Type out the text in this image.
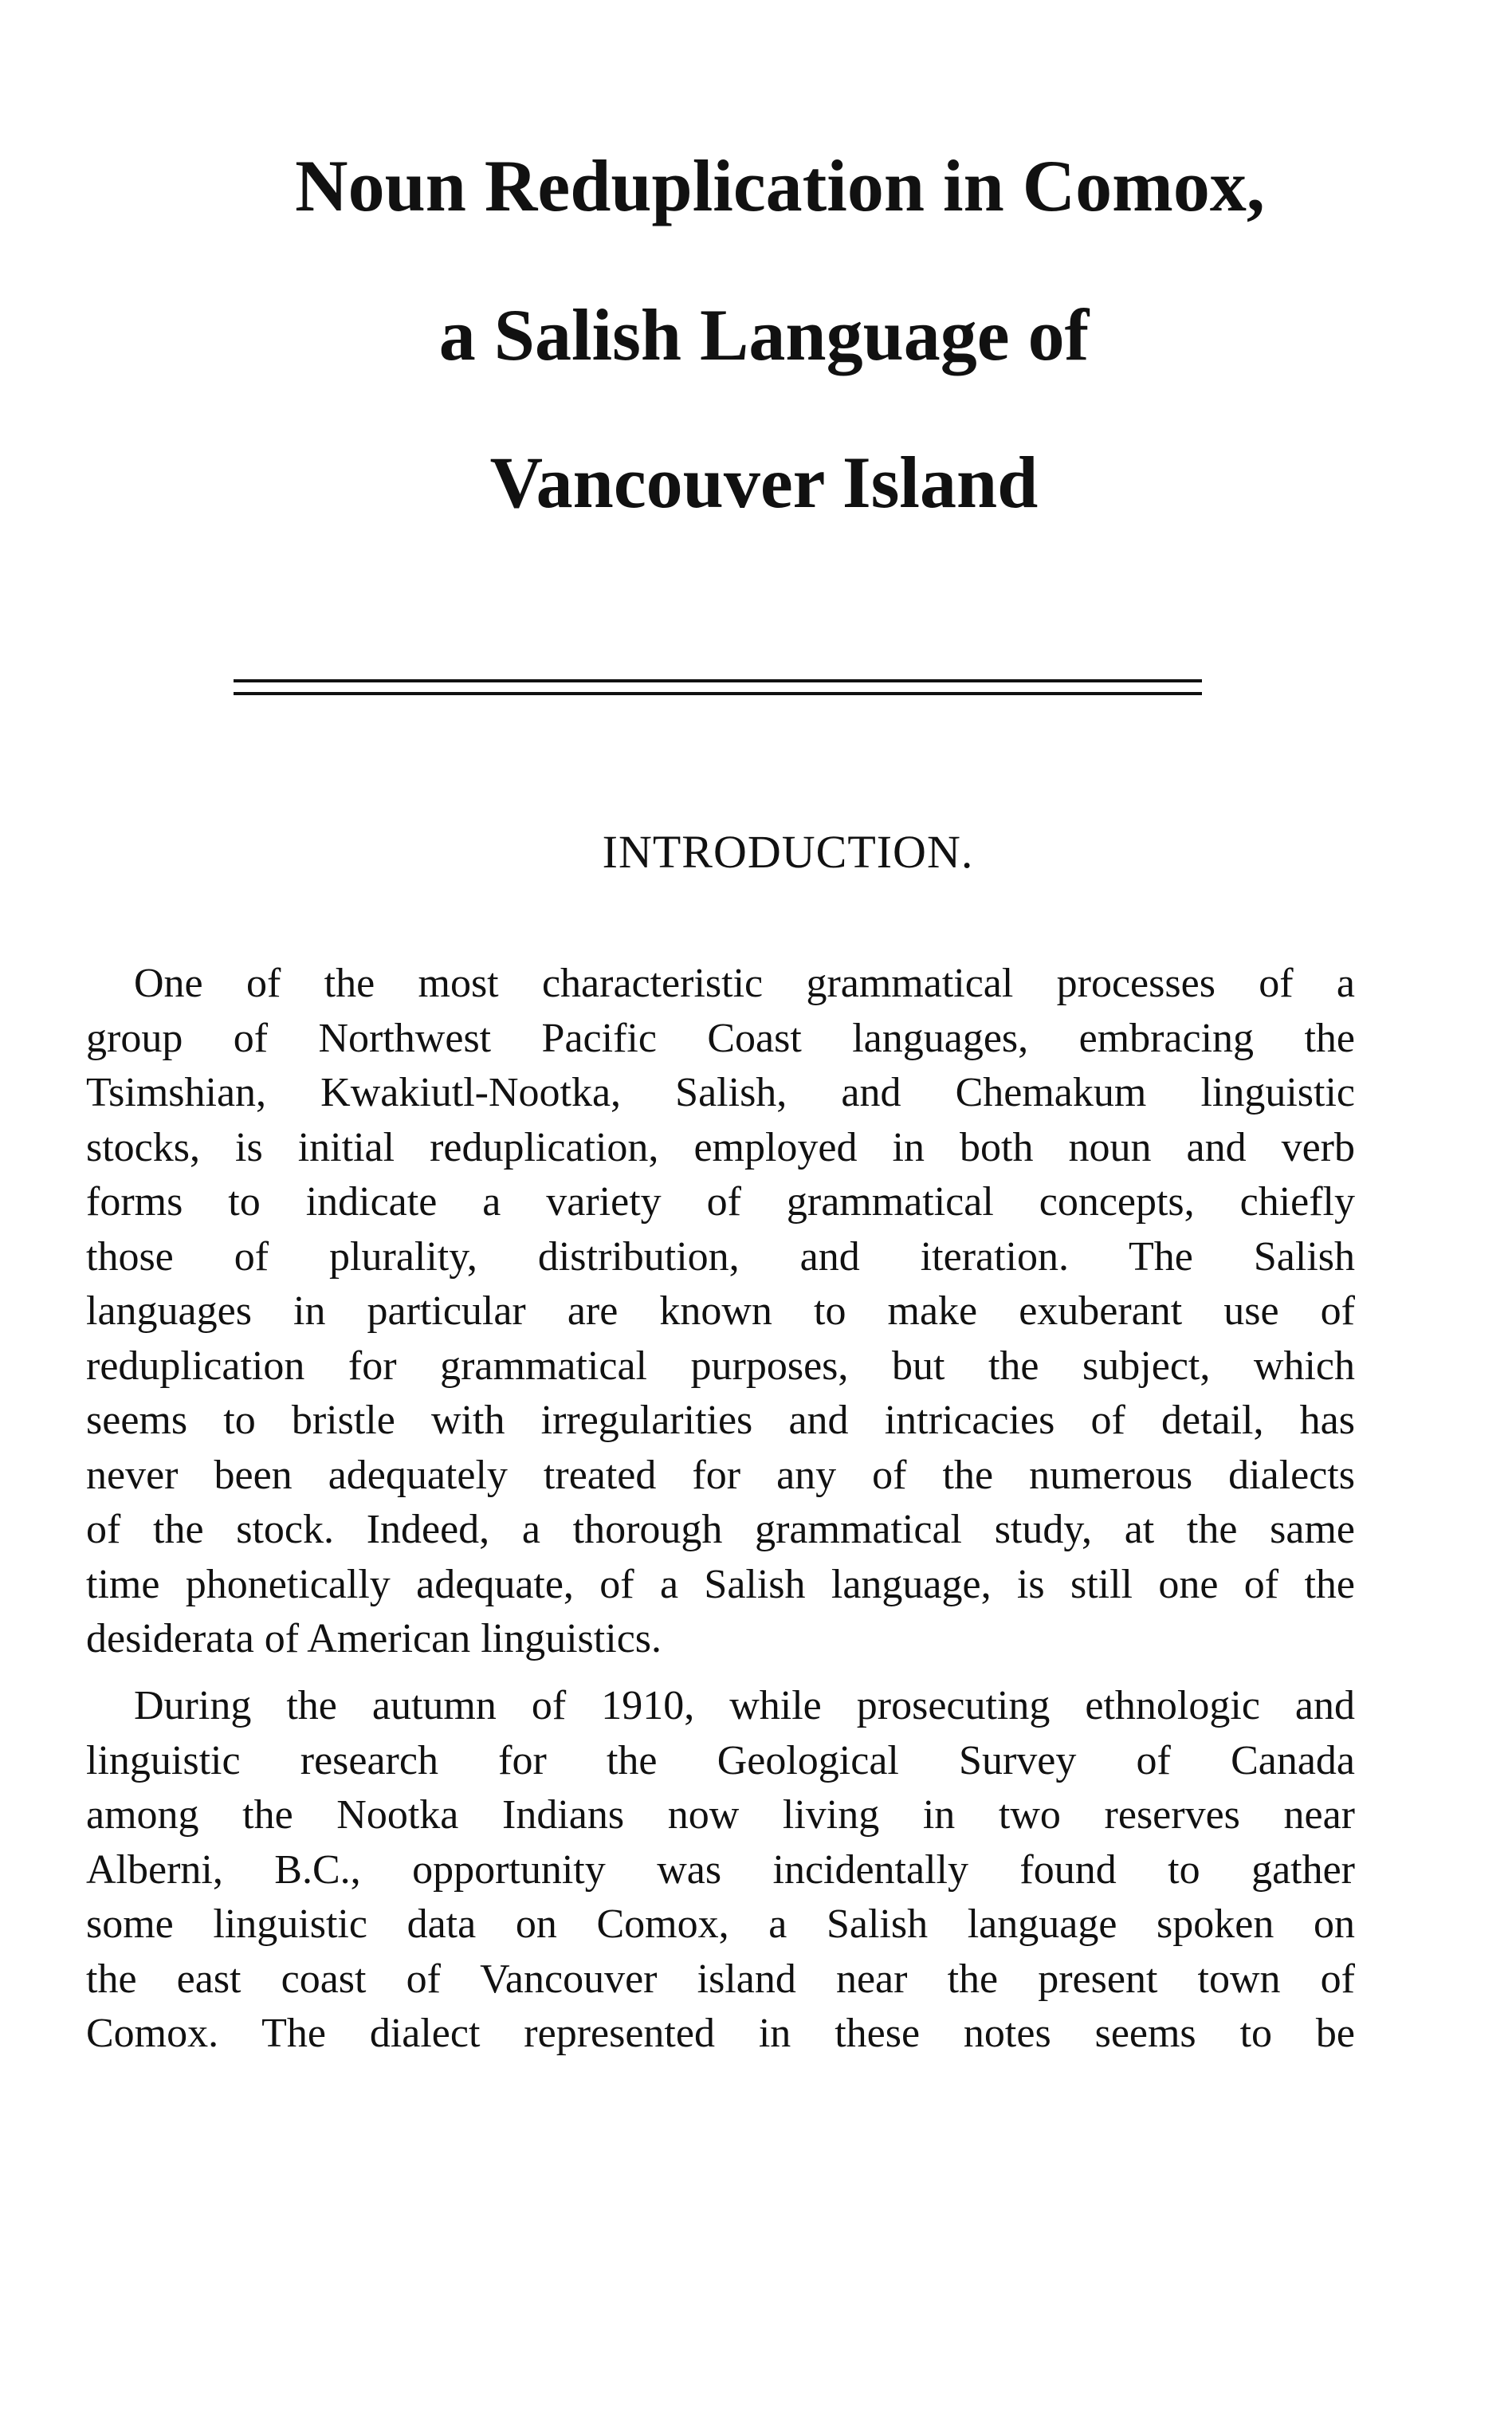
Noun Reduplication in Comox,
a Salish Language of
Vancouver Island
INTRODUCTION.
One of the most characteristic grammatical processes of a
group of Northwest Pacific Coast languages, embracing the
Tsimshian, Kwakiutl-Nootka, Salish, and Chemakum linguistic
stocks, is initial reduplication, employed in both noun and verb
forms to indicate a variety of grammatical concepts, chiefly
those of plurality, distribution, and iteration. The Salish
languages in particular are known to make exuberant use of
reduplication for grammatical purposes, but the subject, which
seems to bristle with irregularities and intricacies of detail, has
never been adequately treated for any of the numerous dialects
of the stock. Indeed, a thorough grammatical study, at the same
time phonetically adequate, of a Salish language, is still one of the
desiderata of American linguistics.
During the autumn of 1910, while prosecuting ethnologic and
linguistic research for the Geological Survey of Canada
among the Nootka Indians now living in two reserves near
Alberni, B.C., opportunity was incidentally found to gather
some linguistic data on Comox, a Salish language spoken on
the east coast of Vancouver island near the present town of
Comox. The dialect represented in these notes seems to be
